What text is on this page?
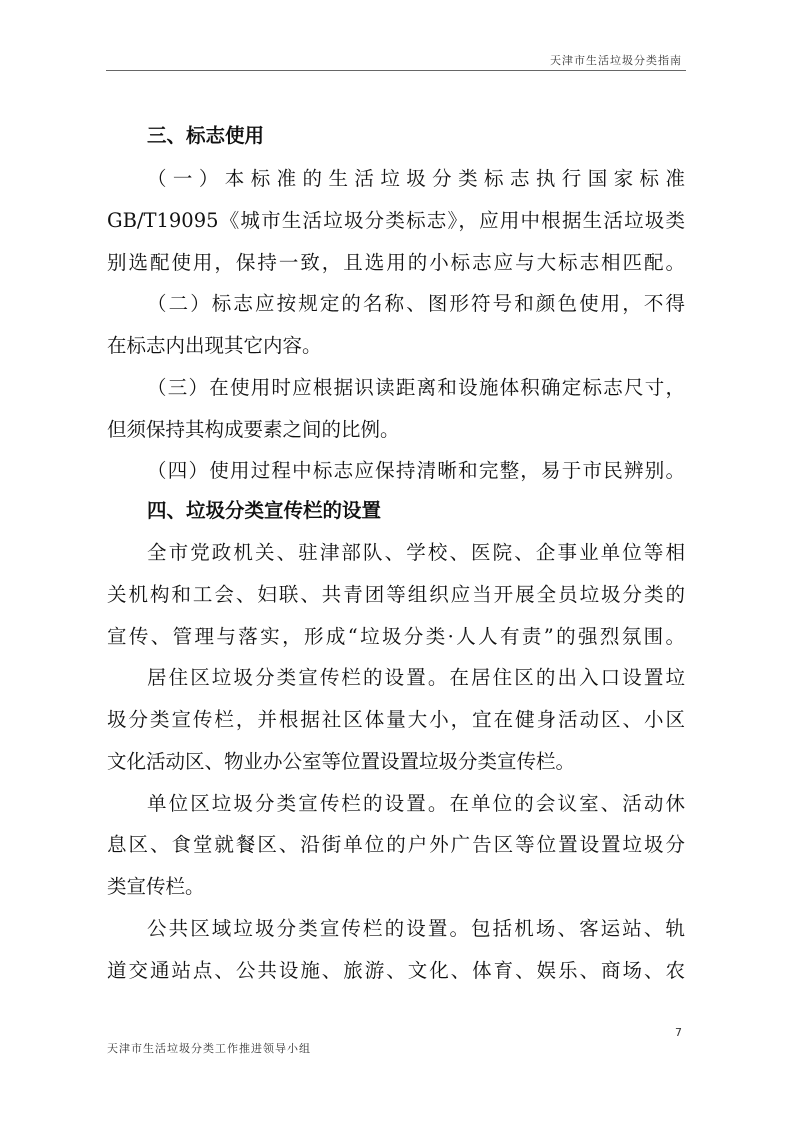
天津市生活垃圾分类指南
三、标志使用
（一）本标准的生活垃圾分类标志执行国家标准
GB/T19095《城市生活垃圾分类标志》，应用中根据生活垃圾类
别选配使用，保持一致，且选用的小标志应与大标志相匹配。
（二）标志应按规定的名称、图形符号和颜色使用，不得
在标志内出现其它内容。
（三）在使用时应根据识读距离和设施体积确定标志尺寸，
但须保持其构成要素之间的比例。
（四）使用过程中标志应保持清晰和完整，易于市民辨别。
四、垃圾分类宣传栏的设置
全市党政机关、驻津部队、学校、医院、企事业单位等相
关机构和工会、妇联、共青团等组织应当开展全员垃圾分类的
宣传、管理与落实，形成“垃圾分类·人人有责”的强烈氛围。
居住区垃圾分类宣传栏的设置。在居住区的出入口设置垃
圾分类宣传栏，并根据社区体量大小，宜在健身活动区、小区
文化活动区、物业办公室等位置设置垃圾分类宣传栏。
单位区垃圾分类宣传栏的设置。在单位的会议室、活动休
息区、食堂就餐区、沿街单位的户外广告区等位置设置垃圾分
类宣传栏。
公共区域垃圾分类宣传栏的设置。包括机场、客运站、轨
道交通站点、公共设施、旅游、文化、体育、娱乐、商场、农
7
天津市生活垃圾分类工作推进领导小组
